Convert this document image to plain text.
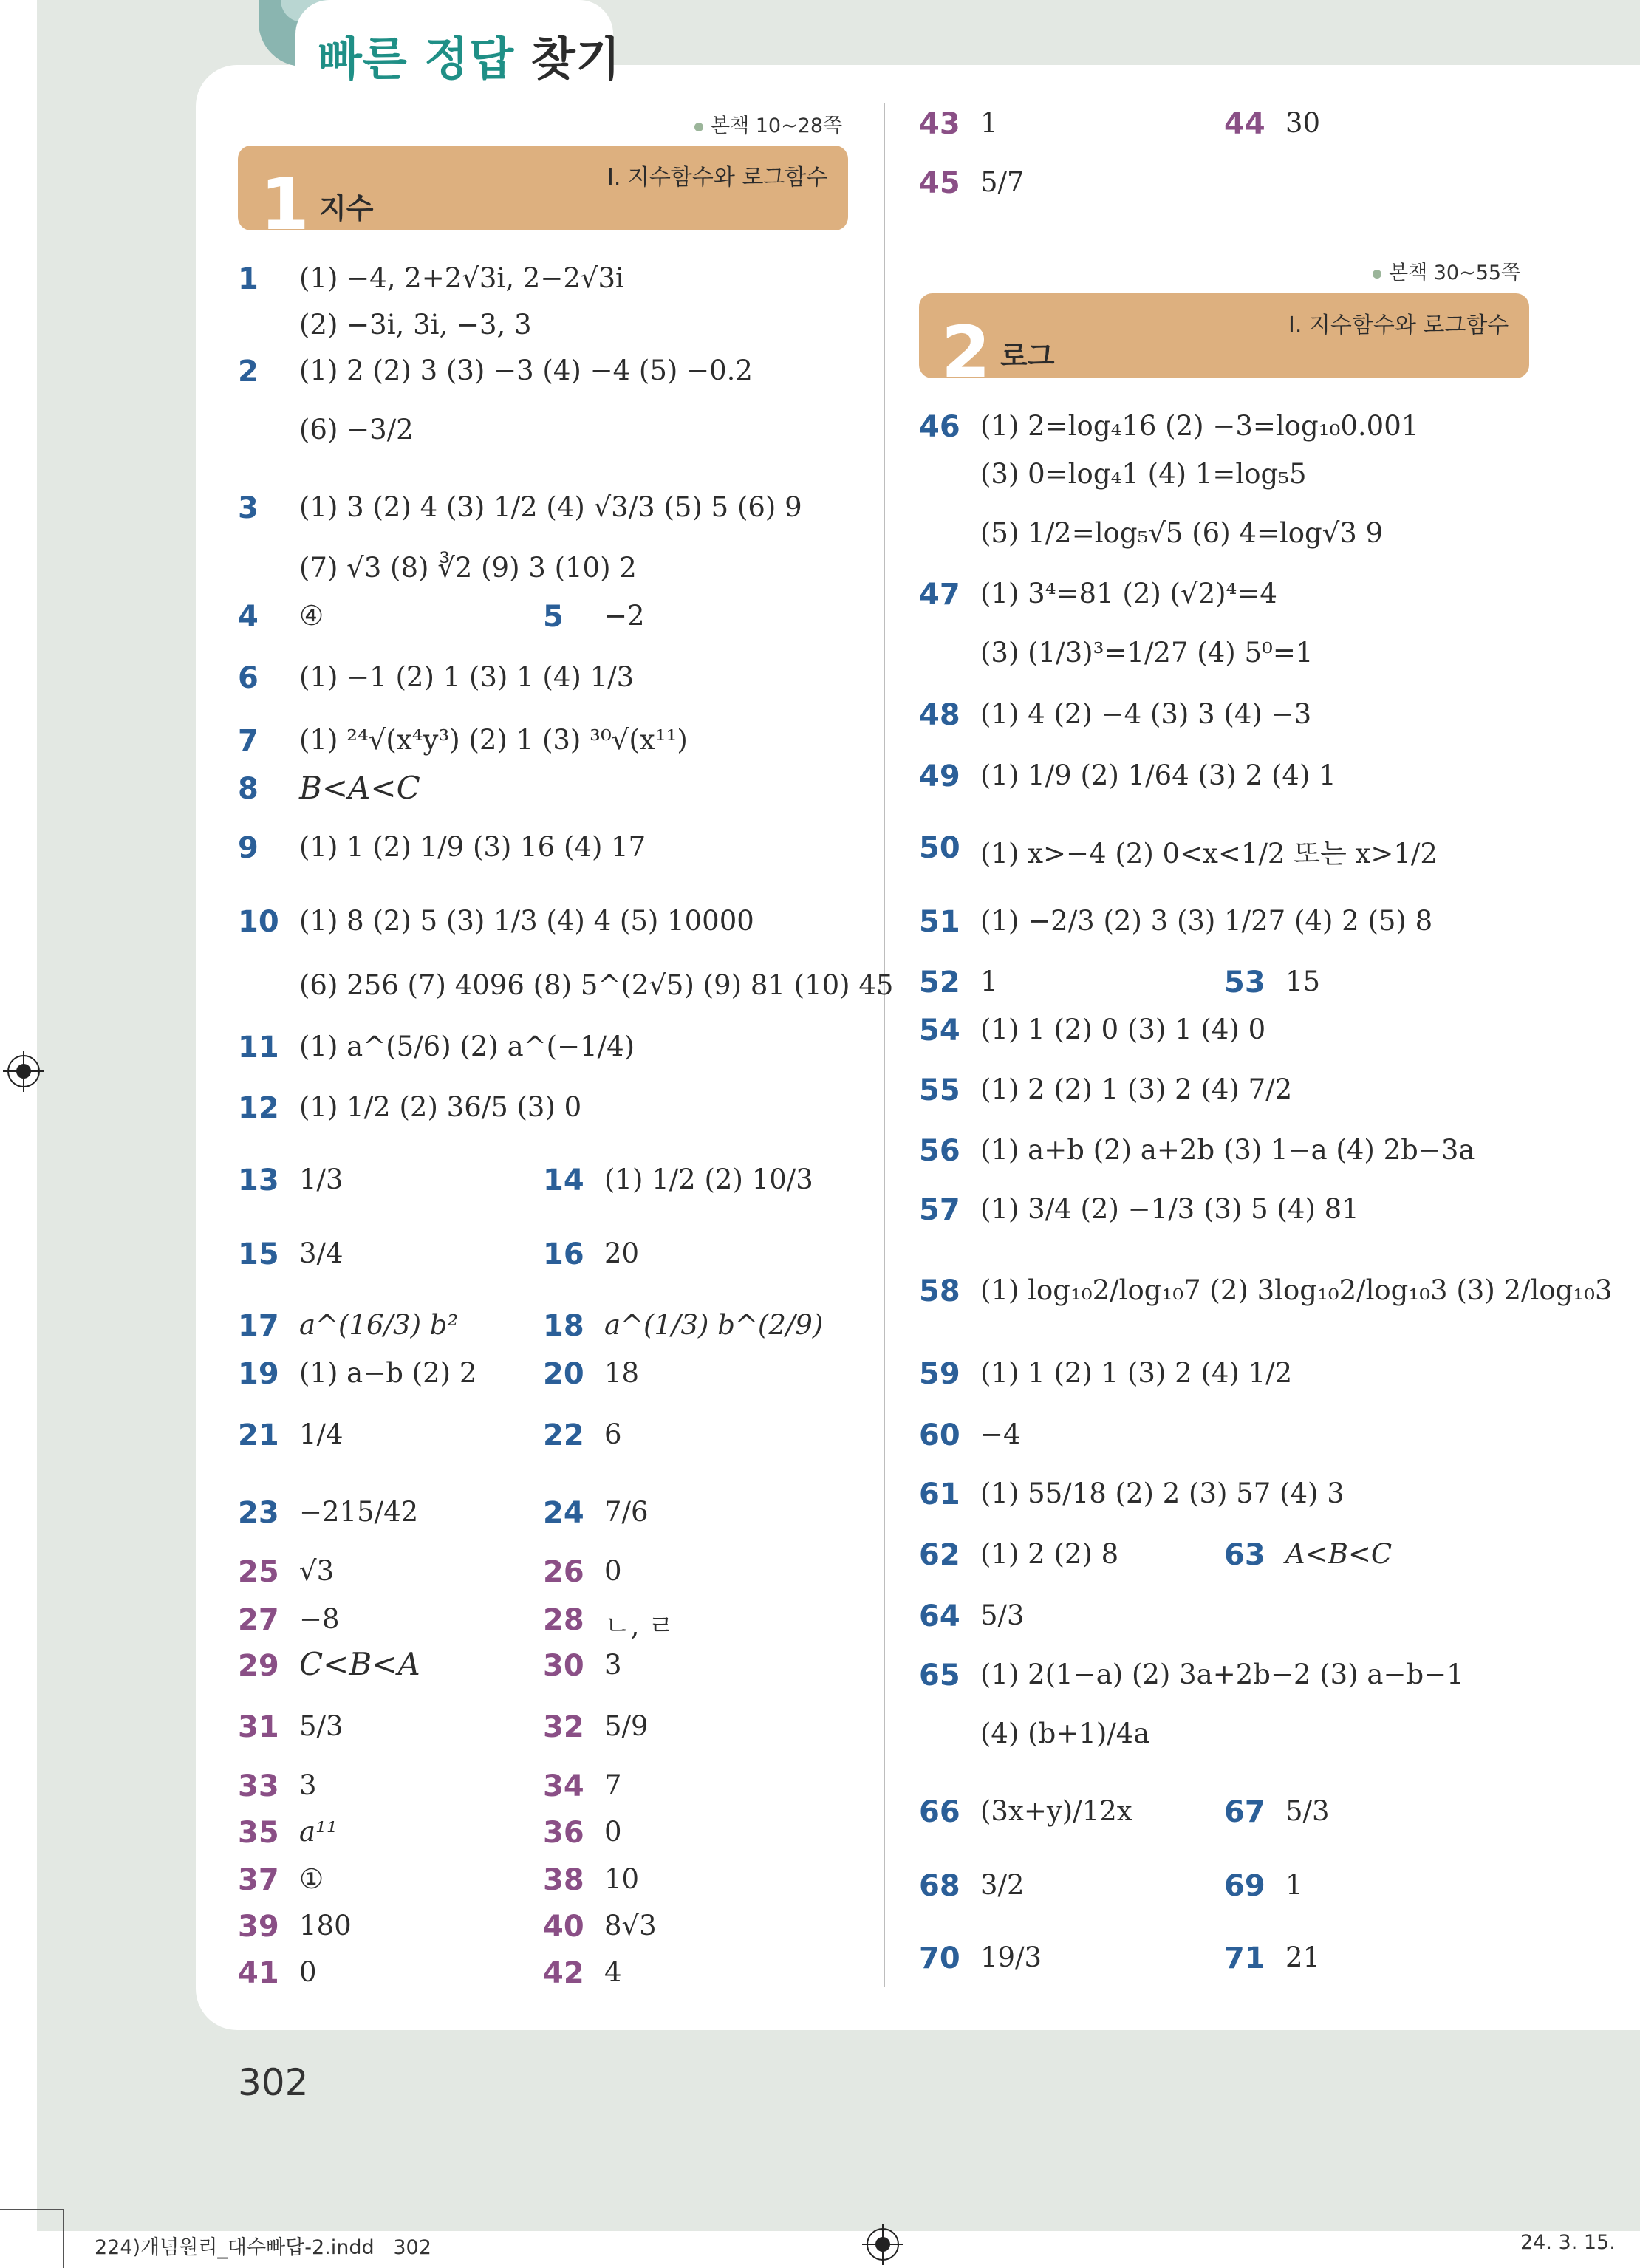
빠른 정답 찾기
본책 10~28쪽
1 지수
Ⅰ. 지수함수와 로그함수
본책 30~55쪽
2 로그
Ⅰ. 지수함수와 로그함수
1 (1) −4, 2+2√3i, 2−2√3i
(2) −3i, 3i, −3, 3
2 (1) 2 (2) 3 (3) −3 (4) −4 (5) −0.2
(6) −3/2
3 (1) 3 (2) 4 (3) 1/2 (4) √3/3 (5) 5 (6) 9
(7) √3 (8) ∛2 (9) 3 (10) 2
4 ④	5 −2
6 (1) −1 (2) 1 (3) 1 (4) 1/3
7 (1) ²⁴√(x⁴y³) (2) 1 (3) ³⁰√(x¹¹)
8 B<A<C
9 (1) 1 (2) 1/9 (3) 16 (4) 17
10 (1) 8 (2) 5 (3) 1/3 (4) 4 (5) 10000
(6) 256 (7) 4096 (8) 5^(2√5) (9) 81 (10) 45
11 (1) a^(5/6) (2) a^(−1/4)
12 (1) 1/2 (2) 36/5 (3) 0
13 1/3	14 (1) 1/2 (2) 10/3
15 3/4	16 20
17 a^(16/3) b²	18 a^(1/3) b^(2/9)
19 (1) a−b (2) 2 20 18
21 1/4	22 6
23 −215/42	24 7/6
25 √3	26 0
27 −8	28 ㄴ, ㄹ
29 C<B<A	30 3
31 5/3	32 5/9
33 3	34 7
35 a¹¹	36 0
37 ①	38 10
39 180	40 8√3
41 0	42 4
43 1	44 30
45 5/7
46 (1) 2=log₄16 (2) −3=log₁₀0.001
(3) 0=log₄1 (4) 1=log₅5
(5) 1/2=log₅√5 (6) 4=log√3 9
47 (1) 3⁴=81 (2) (√2)⁴=4
(3) (1/3)³=1/27 (4) 5⁰=1
48 (1) 4 (2) −4 (3) 3 (4) −3
49 (1) 1/9 (2) 1/64 (3) 2 (4) 1
50 (1) x>−4 (2) 0<x<1/2 또는 x>1/2
51 (1) −2/3 (2) 3 (3) 1/27 (4) 2 (5) 8
52 1	53 15
54 (1) 1 (2) 0 (3) 1 (4) 0
55 (1) 2 (2) 1 (3) 2 (4) 7/2
56 (1) a+b (2) a+2b (3) 1−a (4) 2b−3a
57 (1) 3/4 (2) −1/3 (3) 5 (4) 81
58 (1) log₁₀2/log₁₀7 (2) 3log₁₀2/log₁₀3 (3) 2/log₁₀3
59 (1) 1 (2) 1 (3) 2 (4) 1/2
60 −4
61 (1) 55/18 (2) 2 (3) 57 (4) 3
62 (1) 2 (2) 8	63 A<B<C
64 5/3
65 (1) 2(1−a) (2) 3a+2b−2 (3) a−b−1
(4) (b+1)/4a
66 (3x+y)/12x	67 5/3
68 3/2	69 1
70 19/3	71 21
302
224)개념원리_대수빠답-2.indd   302	24. 3. 15.
